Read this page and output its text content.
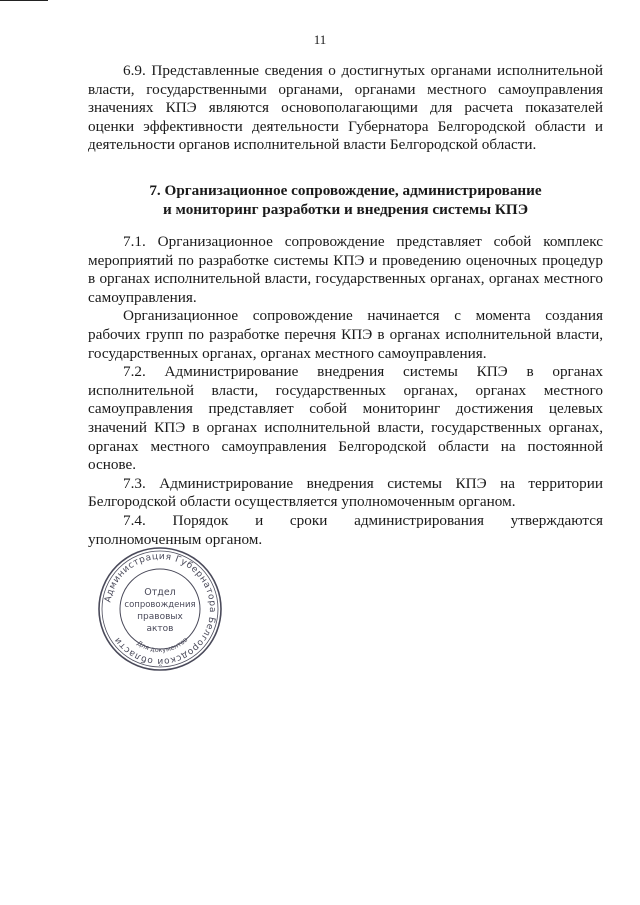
11

6.9. Представленные сведения о достигнутых органами исполнительной власти, государственными органами, органами местного самоуправления значениях КПЭ являются основополагающими для расчета показателей оценки эффективности деятельности Губернатора Белгородской области и деятельности органов исполнительной власти Белгородской области.

7. Организационное сопровождение, администрирование
и мониторинг разработки и внедрения системы КПЭ

7.1. Организационное сопровождение представляет собой комплекс мероприятий по разработке системы КПЭ и проведению оценочных процедур в органах исполнительной власти, государственных органах, органах местного самоуправления.

Организационное сопровождение начинается с момента создания рабочих групп по разработке перечня КПЭ в органах исполнительной власти, государственных органах, органах местного самоуправления.

7.2. Администрирование внедрения системы КПЭ в органах исполнительной власти, государственных органах, органах местного самоуправления представляет собой мониторинг достижения целевых значений КПЭ в органах исполнительной власти, государственных органах, органах местного самоуправления Белгородской области на постоянной основе.

7.3. Администрирование внедрения системы КПЭ на территории Белгородской области осуществляется уполномоченным органом.

7.4. Порядок и сроки администрирования утверждаются уполномоченным органом.

Администрация Губернатора Белгородской области	Для документов
Отдел
сопровождения
правовых
актов
